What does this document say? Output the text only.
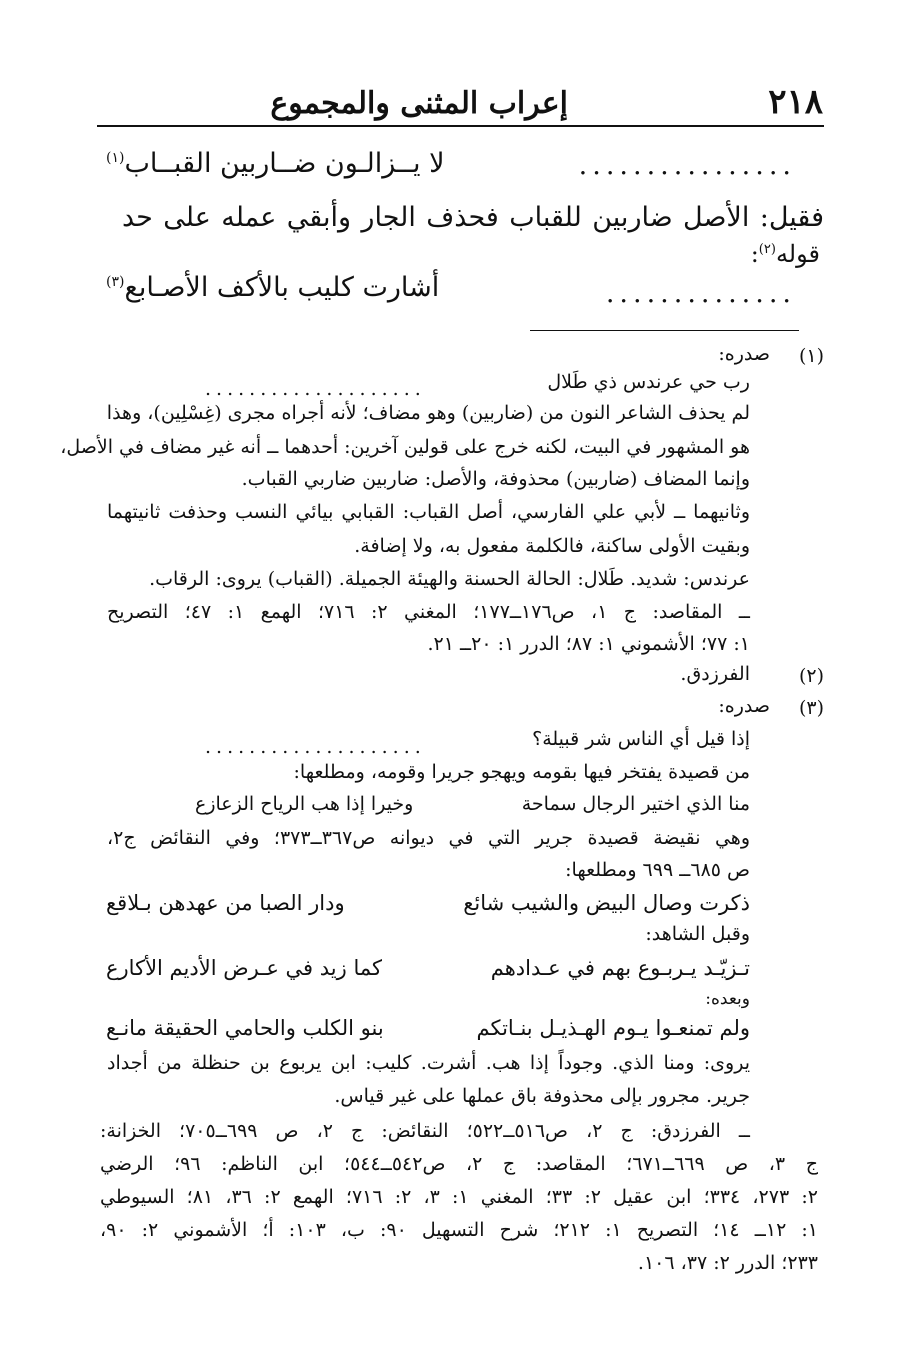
٢١٨
إعراب المثنى والمجموع
................
لا يــزالـون ضــاربين القبــاب$^{(١)}$
فقيل: الأصل ضاربين للقباب فحذف الجار وأبقي عمله على حد
قوله$^{(٢)}$:
..............
أشارت كليب بالأكف الأصـابع$^{(٣)}$
(١)
صدره:
رب حي عرندس ذي طَلال
....................
لم يحذف الشاعر النون من (ضاربين) وهو مضاف؛ لأنه أجراه مجرى (غِسْلِين)، وهذا
هو المشهور في البيت، لكنه خرج على قولين آخرين: أحدهما ــ أنه غير مضاف في الأصل،
وإنما المضاف (ضاربين) محذوفة، والأصل: ضاربين ضاربي القباب.
وثانيهما ــ لأبي علي الفارسي، أصل القباب: القبابي بيائي النسب وحذفت ثانيتهما
وبقيت الأولى ساكنة، فالكلمة مفعول به، ولا إضافة.
عرندس: شديد. طَلال: الحالة الحسنة والهيئة الجميلة. (القباب) يروى: الرقاب.
ــ المقاصد: ج ١، ص١٧٦ــ١٧٧؛ المغني ٢: ٧١٦؛ الهمع ١: ٤٧؛ التصريح
١: ٧٧؛ الأشموني ١: ٨٧؛ الدرر ١: ٢٠ــ ٢١.
(٢)
الفرزدق.
(٣)
صدره:
إذا قيل أي الناس شر قبيلة؟
....................
من قصيدة يفتخر فيها بقومه ويهجو جريرا وقومه، ومطلعها:
منا الذي اختير الرجال سماحة
وخيرا إذا هب الرياح الزعازع
وهي نقيضة قصيدة جرير التي في ديوانه ص٣٦٧ــ٣٧٣؛ وفي النقائض ج٢،
ص ٦٨٥ــ ٦٩٩ ومطلعها:
ذكرت وصال البيض والشيب شائع
ودار الصبا من عهدهن بـلاقع
وقبل الشاهد:
تـزيّـد يـربـوع بهم في عـدادهم
كما زيد في عـرض الأديم الأكارع
وبعده:
ولم تمنعـوا يـوم الهـذيـل بنـاتكم
بنو الكلب والحامي الحقيقة مانـع
يروى: ومنا الذي. وجوداً إذا هب. أشرت. كليب: ابن يربوع بن حنظلة من أجداد
جرير. مجرور بإلى محذوفة باق عملها على غير قياس.
ــ الفرزدق: ج ٢، ص٥١٦ــ٥٢٢؛ النقائض: ج ٢، ص ٦٩٩ــ٧٠٥؛ الخزانة:
ج ٣، ص ٦٦٩ــ٦٧١؛ المقاصد: ج ٢، ص٥٤٢ــ٥٤٤؛ ابن الناظم: ٩٦؛ الرضي
٢: ٢٧٣، ٣٣٤؛ ابن عقيل ٢: ٣٣؛ المغني ١: ٣، ٢: ٧١٦؛ الهمع ٢: ٣٦، ٨١؛ السيوطي
١: ١٢ــ ١٤؛ التصريح ١: ٢١٢؛ شرح التسهيل ٩٠: ب، ١٠٣: أ؛ الأشموني ٢: ٩٠،
٢٣٣؛ الدرر ٢: ٣٧، ١٠٦.
